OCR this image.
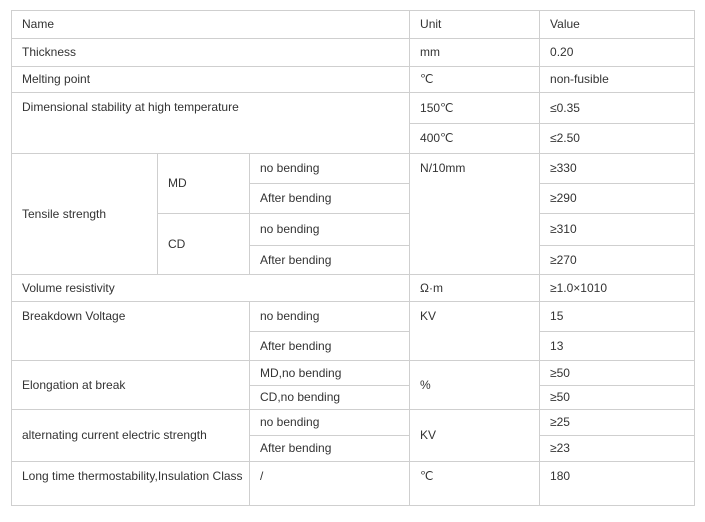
Name			Unit	Value
Thickness			mm	0.20
Melting point			℃	non-fusible
Dimensional stability at high temperature			150℃	≤0.35
			400℃	≤2.50
Tensile strength	MD	no bending	N/10mm	≥330
		After bending		≥290
	CD	no bending		≥310
		After bending		≥270
Volume resistivity			Ω·m	≥1.0×1010
Breakdown Voltage		no bending	KV	15
		After bending		13
Elongation at break		MD,no bending	%	≥50
		CD,no bending		≥50
alternating current electric strength		no bending	KV	≥25
		After bending		≥23
Long time thermostability,Insulation Class		/	℃	180
